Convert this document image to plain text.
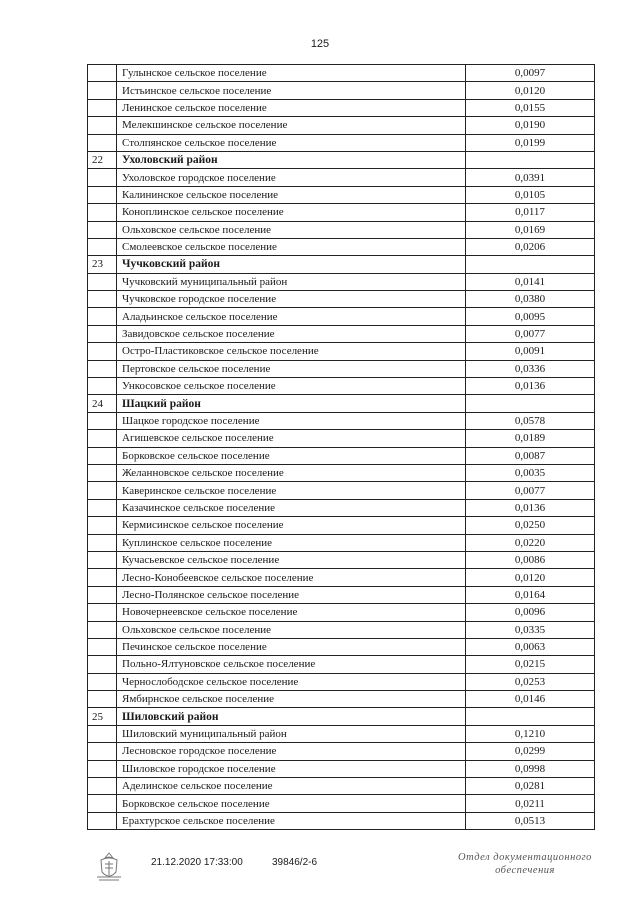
125
	Гулынское сельское поселение	0,0097
	Истьинское сельское поселение	0,0120
	Ленинское сельское поселение	0,0155
	Мелекшинское сельское поселение	0,0190
	Столпянское сельское поселение	0,0199
22	Ухоловский район	
	Ухоловское городское поселение	0,0391
	Калининское сельское поселение	0,0105
	Коноплинское сельское поселение	0,0117
	Ольховское сельское поселение	0,0169
	Смолеевское сельское поселение	0,0206
23	Чучковский район	
	Чучковский муниципальный район	0,0141
	Чучковское городское поселение	0,0380
	Аладьинское сельское поселение	0,0095
	Завидовское сельское поселение	0,0077
	Остро-Пластиковское сельское поселение	0,0091
	Пертовское сельское поселение	0,0336
	Ункосовское сельское поселение	0,0136
24	Шацкий район	
	Шацкое городское поселение	0,0578
	Агишевское сельское поселение	0,0189
	Борковское сельское поселение	0,0087
	Желанновское сельское поселение	0,0035
	Каверинское сельское поселение	0,0077
	Казачинское сельское поселение	0,0136
	Кермисинское сельское поселение	0,0250
	Куплинское сельское поселение	0,0220
	Кучасьевское сельское поселение	0,0086
	Лесно-Конобеевское сельское поселение	0,0120
	Лесно-Полянское сельское поселение	0,0164
	Новочернеевское сельское поселение	0,0096
	Ольховское сельское поселение	0,0335
	Печинское сельское поселение	0,0063
	Польно-Ялтуновское сельское поселение	0,0215
	Чернослободское сельское поселение	0,0253
	Ямбирнское сельское поселение	0,0146
25	Шиловский район	
	Шиловский муниципальный район	0,1210
	Лесновское городское поселение	0,0299
	Шиловское городское поселение	0,0998
	Аделинское сельское поселение	0,0281
	Борковское сельское поселение	0,0211
	Ерахтурское сельское поселение	0,0513
21.12.2020 17:33:00	39846/2-6	Отдел документационного
обеспечения
